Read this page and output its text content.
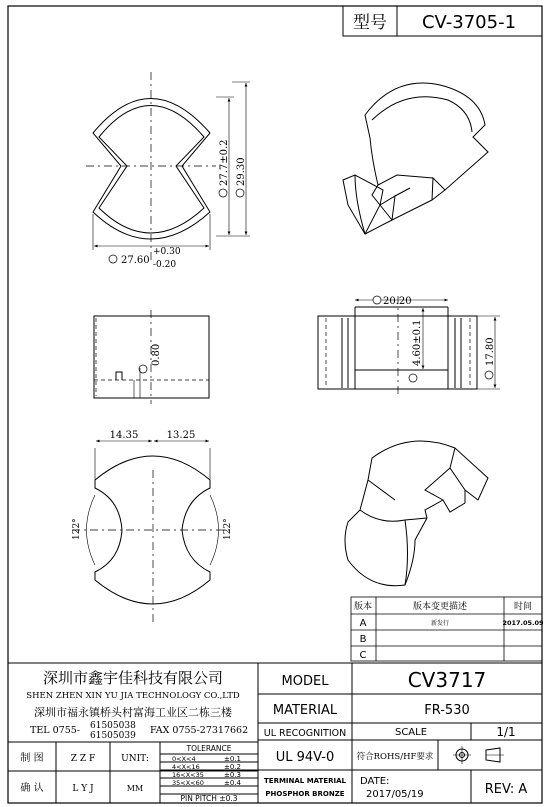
型号 CV-3705-1
27.7±0.2 29.30
27.60
+0.30
-0.20
0.80
20.20
4.60±0.1	17.80
14.35	13.25
122°	122°
版本	版本变更描述	时间
A	新发行	2017.05.09
B
C
深圳市鑫宇佳科技有限公司
SHEN ZHEN XIN YU JIA TECHNOLOGY CO.,LTD
深圳市福永镇桥头村富海工业区二栋三楼
TEL 0755- 61505038
61505039 FAX 0755-27317662
MODEL	CV3717
MATERIAL	FR-530
UL RECOGNITION	SCALE	1/1
UL 94V-0	符合ROHS/HF要求
TERMINAL MATERIAL
PHOSPHOR BRONZE
DATE:
2017/05/19	REV: A
制 图	Z Z F
确 认	L Y J
UNIT:
MM
TOLERANCE
0<X<4	±0.1
4<X<16	±0.2
16<X<35	±0.3
35<X<60	±0.4
PIN PITCH ±0.3
